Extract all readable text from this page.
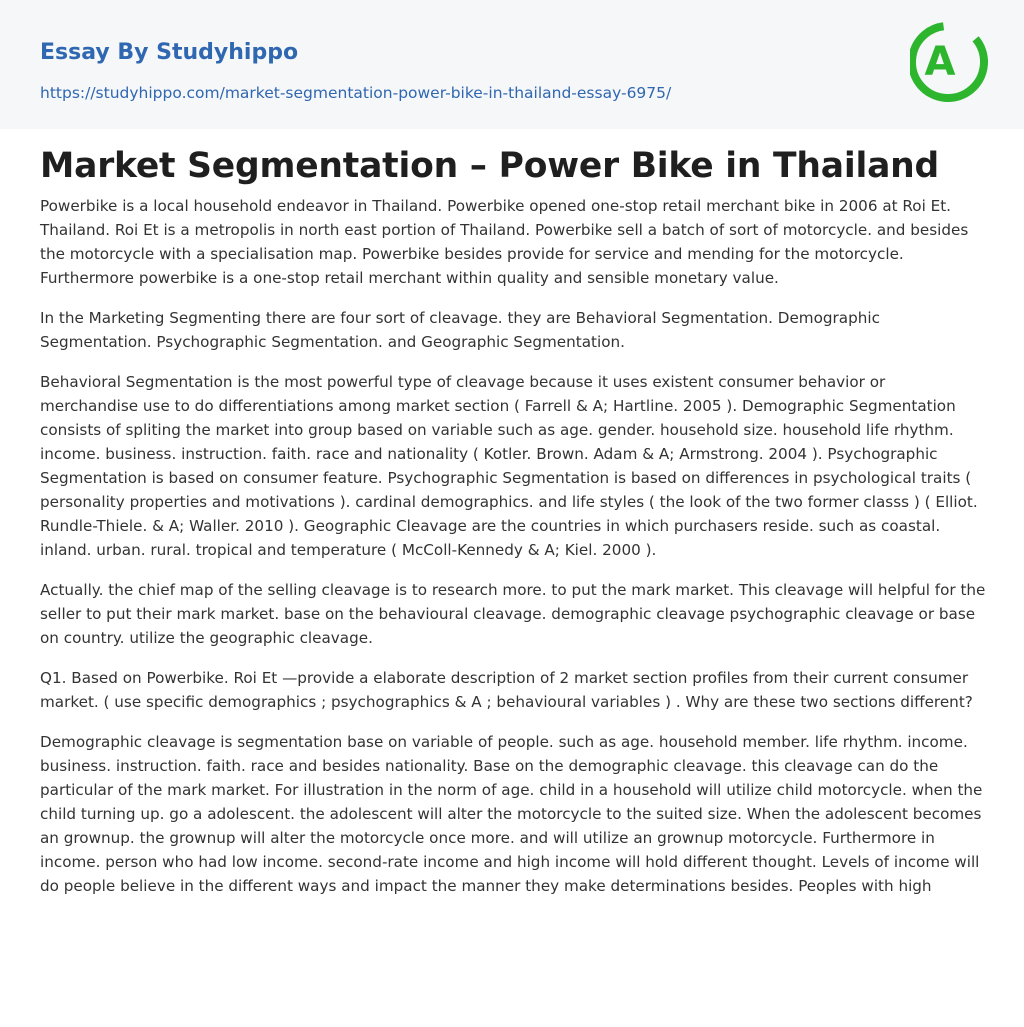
Essay By Studyhippo
https://studyhippo.com/market-segmentation-power-bike-in-thailand-essay-6975/
A
Market Segmentation – Power Bike in Thailand

Powerbike is a local household endeavor in Thailand. Powerbike opened one-stop retail merchant bike in 2006 at Roi Et. Thailand. Roi Et is a metropolis in north east portion of Thailand. Powerbike sell a batch of sort of motorcycle. and besides the motorcycle with a specialisation map. Powerbike besides provide for service and mending for the motorcycle. Furthermore powerbike is a one-stop retail merchant within quality and sensible monetary value.

In the Marketing Segmenting there are four sort of cleavage. they are Behavioral Segmentation. Demographic Segmentation. Psychographic Segmentation. and Geographic Segmentation.

Behavioral Segmentation is the most powerful type of cleavage because it uses existent consumer behavior or merchandise use to do differentiations among market section ( Farrell & A; Hartline. 2005 ). Demographic Segmentation consists of spliting the market into group based on variable such as age. gender. household size. household life rhythm. income. business. instruction. faith. race and nationality ( Kotler. Brown. Adam & A; Armstrong. 2004 ). Psychographic Segmentation is based on consumer feature. Psychographic Segmentation is based on differences in psychological traits ( personality properties and motivations ). cardinal demographics. and life styles ( the look of the two former classs ) ( Elliot. Rundle-Thiele. & A; Waller. 2010 ). Geographic Cleavage are the countries in which purchasers reside. such as coastal. inland. urban. rural. tropical and temperature ( McColl-Kennedy & A; Kiel. 2000 ).

Actually. the chief map of the selling cleavage is to research more. to put the mark market. This cleavage will helpful for the seller to put their mark market. base on the behavioural cleavage. demographic cleavage psychographic cleavage or base on country. utilize the geographic cleavage.

Q1. Based on Powerbike. Roi Et —provide a elaborate description of 2 market section profiles from their current consumer market. ( use specific demographics ; psychographics & A ; behavioural variables ) . Why are these two sections different?

Demographic cleavage is segmentation base on variable of people. such as age. household member. life rhythm. income. business. instruction. faith. race and besides nationality. Base on the demographic cleavage. this cleavage can do the particular of the mark market. For illustration in the norm of age. child in a household will utilize child motorcycle. when the child turning up. go a adolescent. the adolescent will alter the motorcycle to the suited size. When the adolescent becomes an grownup. the grownup will alter the motorcycle once more. and will utilize an grownup motorcycle. Furthermore in income. person who had low income. second-rate income and high income will hold different thought. Levels of income will do people believe in the different ways and impact the manner they make determinations besides. Peoples with high
